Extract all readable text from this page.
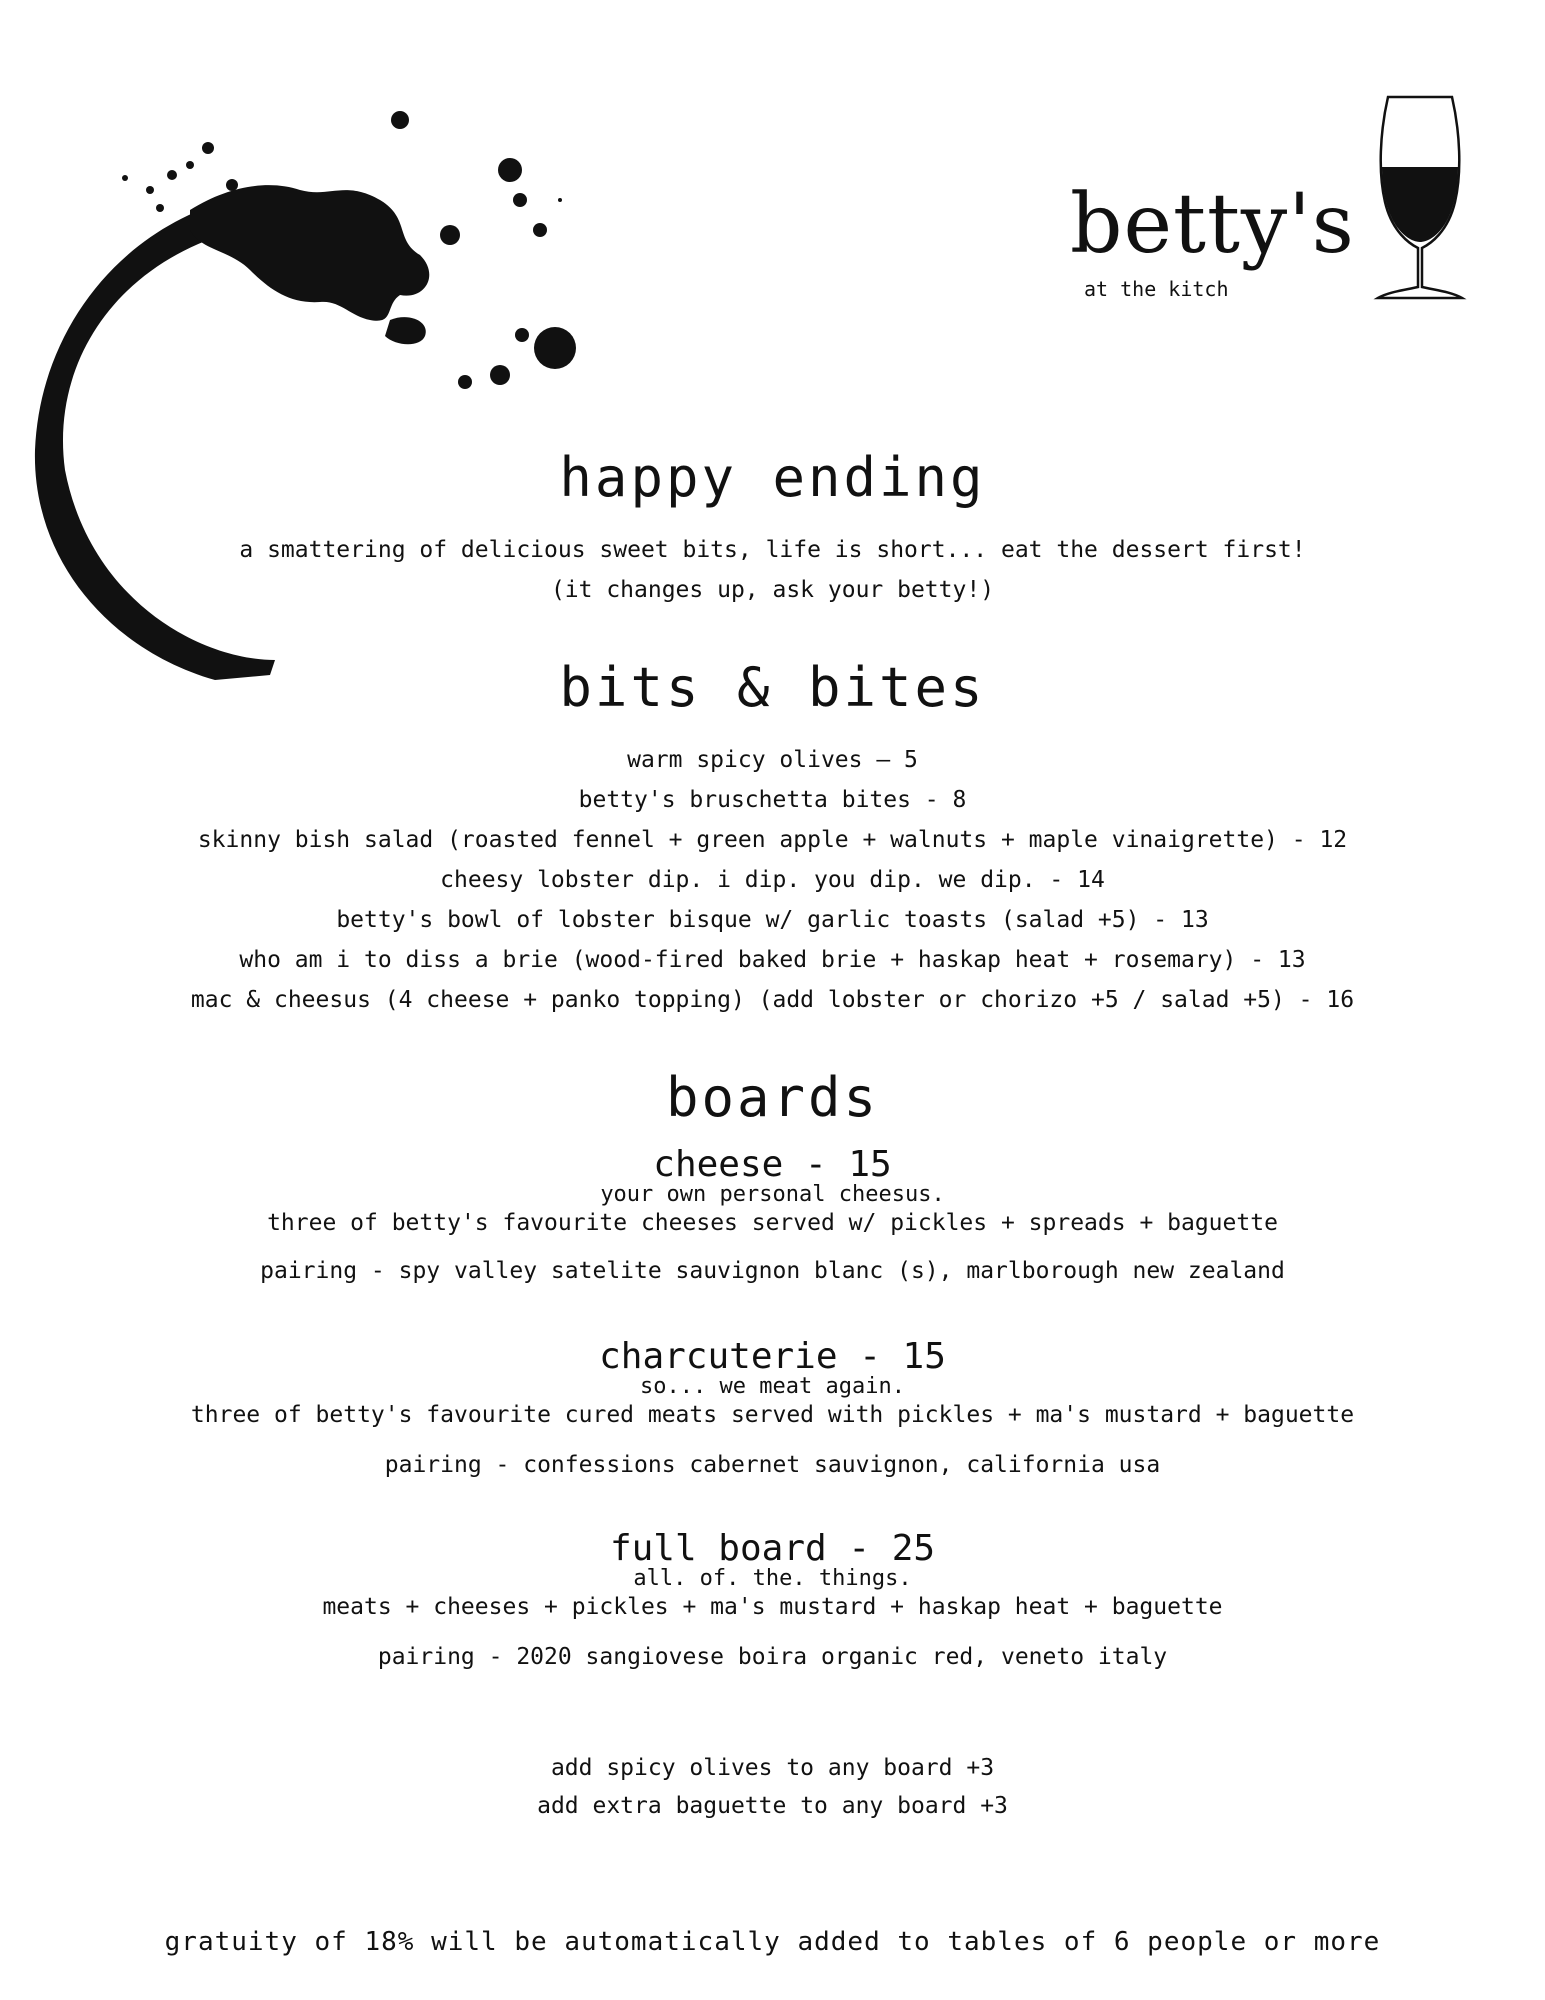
betty's
at the kitch
happy ending
a smattering of delicious sweet bits, life is short... eat the dessert first!
(it changes up, ask your betty!)
bits & bites
warm spicy olives – 5
betty's bruschetta bites - 8
skinny bish salad (roasted fennel + green apple + walnuts + maple vinaigrette) - 12
cheesy lobster dip. i dip. you dip. we dip. - 14
betty's bowl of lobster bisque w/ garlic toasts (salad +5) - 13
who am i to diss a brie (wood-fired baked brie + haskap heat + rosemary) - 13
mac & cheesus (4 cheese + panko topping) (add lobster or chorizo +5 / salad +5) - 16
boards
cheese - 15
your own personal cheesus.
three of betty's favourite cheeses served w/ pickles + spreads + baguette
pairing - spy valley satelite sauvignon blanc (s), marlborough new zealand
charcuterie - 15
so... we meat again.
three of betty's favourite cured meats served with pickles + ma's mustard + baguette
pairing - confessions cabernet sauvignon, california usa
full board - 25
all. of. the. things.
meats + cheeses + pickles + ma's mustard + haskap heat + baguette
pairing - 2020 sangiovese boira organic red, veneto italy
add spicy olives to any board +3
add extra baguette to any board +3
gratuity of 18% will be automatically added to tables of 6 people or more
